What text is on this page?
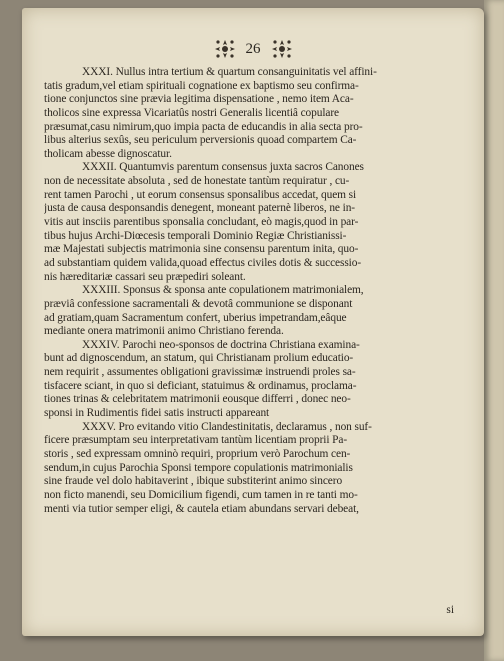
26
XXXI. Nullus intra tertium & quartum consanguinitatis vel affini-
tatis gradum,vel etiam spirituali cognatione ex baptismo seu confirma-
tione conjunctos sine prævia legitima dispensatione , nemo item Aca-
tholicos sine expressa Vicariatûs nostri Generalis licentiâ copulare
præsumat,casu nimirum,quo impia pacta de educandis in alia secta pro-
libus alterius sexûs, seu periculum perversionis quoad compartem Ca-
tholicam abesse dignoscatur.
XXXII. Quantumvis parentum consensus juxta sacros Canones
non de necessitate absoluta , sed de honestate tantùm requiratur , cu-
rent tamen Parochi , ut eorum consensus sponsalibus accedat, quem si
justa de causa desponsandis denegent, moneant paternè liberos, ne in-
vitis aut insciis parentibus sponsalia concludant, eò magis,quod in par-
tibus hujus Archi-Diœcesis temporali Dominio Regiæ Christianissi-
mæ Majestati subjectis matrimonia sine consensu parentum inita, quo-
ad substantiam quidem valida,quoad effectus civiles dotis & successio-
nis hæreditariæ cassari seu præpediri soleant.
XXXIII. Sponsus & sponsa ante copulationem matrimonialem,
præviâ confessione sacramentali & devotâ communione se disponant
ad gratiam,quam Sacramentum confert, uberius impetrandam,eâque
mediante onera matrimonii animo Christiano ferenda.
XXXIV. Parochi neo-sponsos de doctrina Christiana examina-
bunt ad dignoscendum, an statum, qui Christianam prolium educatio-
nem requirit , assumentes obligationi gravissimæ instruendi proles sa-
tisfacere sciant, in quo si deficiant, statuimus & ordinamus, proclama-
tiones trinas & celebritatem matrimonii eousque differri , donec neo-
sponsi in Rudimentis fidei satis instructi appareant
XXXV. Pro evitando vitio Clandestinitatis, declaramus , non suf-
ficere præsumptam seu interpretativam tantùm licentiam proprii Pa-
storis , sed expressam omninò requiri, proprium verò Parochum cen-
sendum,in cujus Parochia Sponsi tempore copulationis matrimonialis
sine fraude vel dolo habitaverint , ibique substiterint animo sincero
non ficto manendi, seu Domicilium figendi, cum tamen in re tanti mo-
menti via tutior semper eligi, & cautela etiam abundans servari debeat,
si
